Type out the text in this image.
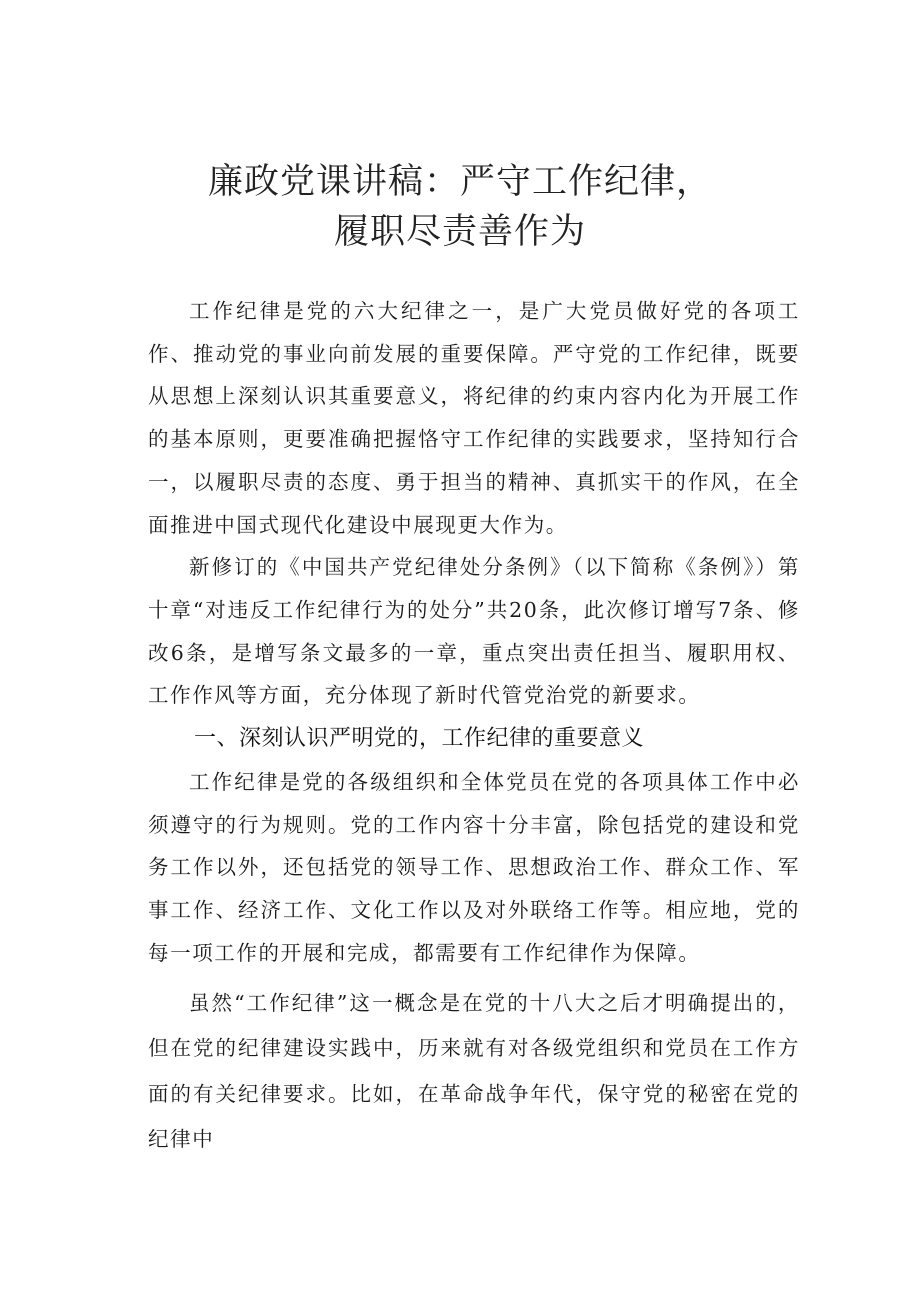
廉政党课讲稿：严守工作纪律，
履职尽责善作为

工作纪律是党的六大纪律之一，是广大党员做好党的各项工作、推动党的事业向前发展的重要保障。严守党的工作纪律，既要从思想上深刻认识其重要意义，将纪律的约束内容内化为开展工作的基本原则，更要准确把握恪守工作纪律的实践要求，坚持知行合一，以履职尽责的态度、勇于担当的精神、真抓实干的作风，在全面推进中国式现代化建设中展现更大作为。

新修订的《中国共产党纪律处分条例》（以下简称《条例》）第十章“对违反工作纪律行为的处分”共20条，此次修订增写7条、修改6条，是增写条文最多的一章，重点突出责任担当、履职用权、工作作风等方面，充分体现了新时代管党治党的新要求。

一、深刻认识严明党的，工作纪律的重要意义

工作纪律是党的各级组织和全体党员在党的各项具体工作中必须遵守的行为规则。党的工作内容十分丰富，除包括党的建设和党务工作以外，还包括党的领导工作、思想政治工作、群众工作、军事工作、经济工作、文化工作以及对外联络工作等。相应地，党的每一项工作的开展和完成，都需要有工作纪律作为保障。

虽然“工作纪律”这一概念是在党的十八大之后才明确提出的，但在党的纪律建设实践中，历来就有对各级党组织和党员在工作方面的有关纪律要求。比如，在革命战争年代，保守党的秘密在党的纪律中
